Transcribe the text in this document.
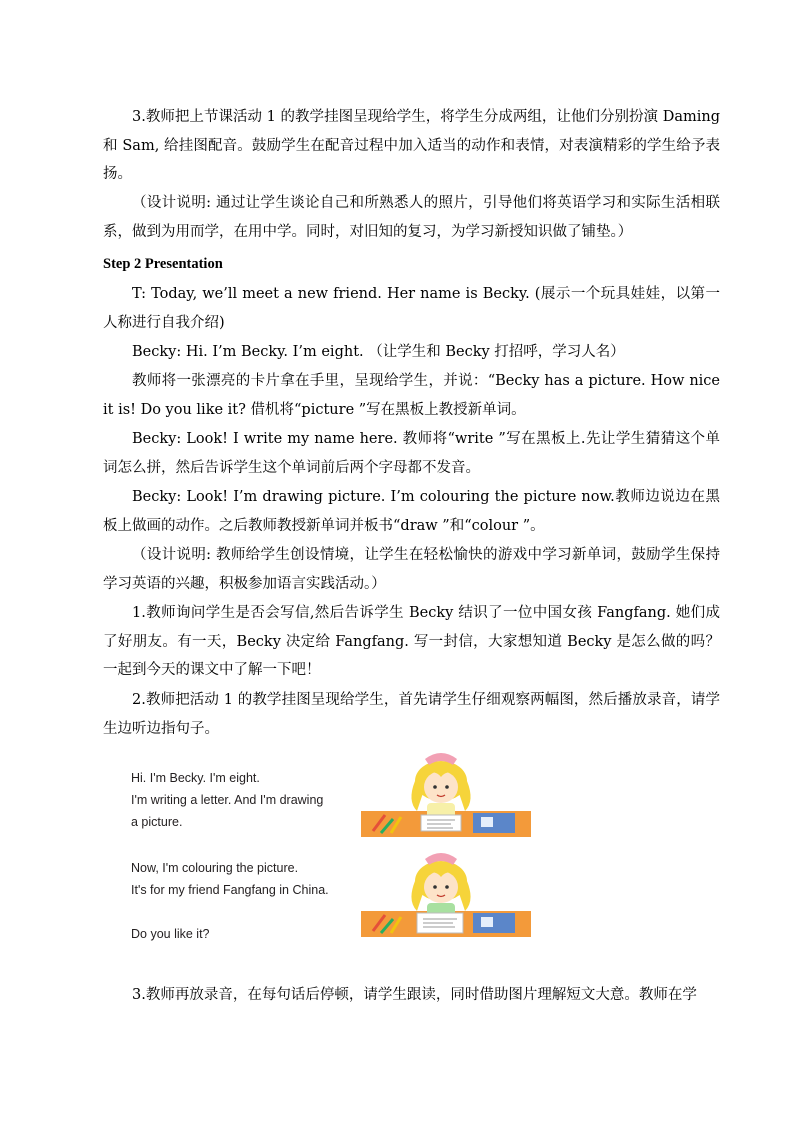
3.教师把上节课活动 1 的教学挂图呈现给学生，将学生分成两组，让他们分别扮演 Daming 和 Sam, 给挂图配音。鼓励学生在配音过程中加入适当的动作和表情，对表演精彩的学生给予表扬。
（设计说明: 通过让学生谈论自己和所熟悉人的照片，引导他们将英语学习和实际生活相联系，做到为用而学，在用中学。同时，对旧知的复习，为学习新授知识做了铺垫。）
Step 2 Presentation
T: Today, we’ll meet a new friend. Her name is Becky. (展示一个玩具娃娃，以第一人称进行自我介绍)
Becky: Hi. I’m Becky. I’m eight. （让学生和 Becky 打招呼，学习人名）
教师将一张漂亮的卡片拿在手里，呈现给学生，并说：“Becky has a picture. How nice it is! Do you like it? 借机将“picture ”写在黑板上教授新单词。
Becky: Look! I write my name here. 教师将“write ”写在黑板上.先让学生猜猜这个单词怎么拼，然后告诉学生这个单词前后两个字母都不发音。
Becky: Look! I’m drawing picture. I’m colouring the picture now.教师边说边在黑板上做画的动作。之后教师教授新单词并板书“draw ”和“colour ”。
（设计说明: 教师给学生创设情境，让学生在轻松愉快的游戏中学习新单词，鼓励学生保持学习英语的兴趣，积极参加语言实践活动。）
1.教师询问学生是否会写信,然后告诉学生 Becky 结识了一位中国女孩 Fangfang. 她们成了好朋友。有一天，Becky 决定给 Fangfang. 写一封信，大家想知道 Becky 是怎么做的吗？一起到今天的课文中了解一下吧！
2.教师把活动 1 的教学挂图呈现给学生，首先请学生仔细观察两幅图，然后播放录音，请学生边听边指句子。
Hi. I'm Becky. I'm eight.
I'm writing a letter. And I'm drawing
a picture.
Now, I'm colouring the picture.
It's for my friend Fangfang in China.
Do you like it?
3.教师再放录音，在每句话后停顿，请学生跟读，同时借助图片理解短文大意。教师在学
